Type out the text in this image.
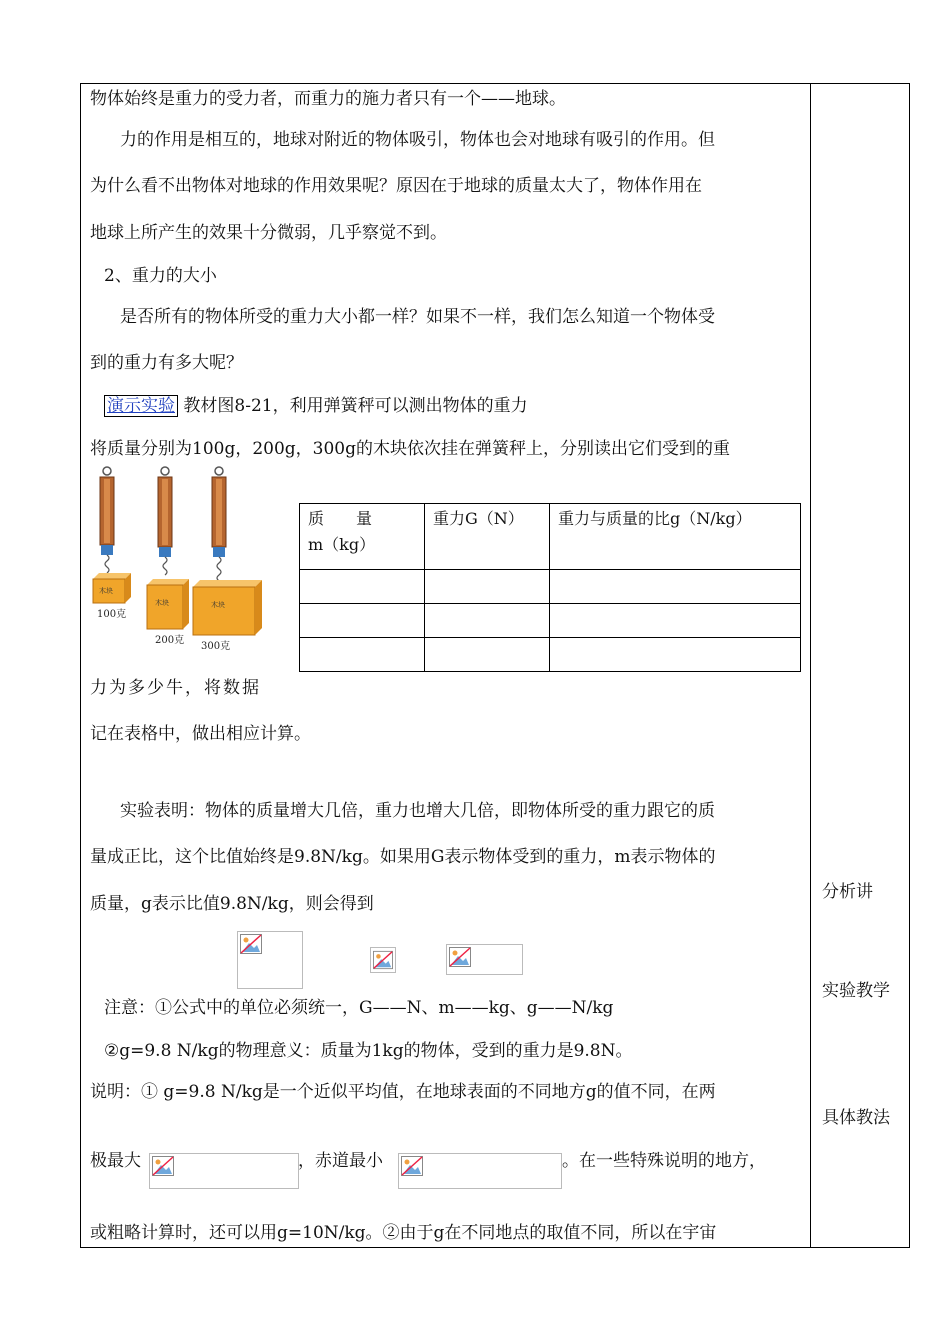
物体始终是重力的受力者，而重力的施力者只有一个——地球。
力的作用是相互的，地球对附近的物体吸引，物体也会对地球有吸引的作用。但
为什么看不出物体对地球的作用效果呢？原因在于地球的质量太大了，物体作用在
地球上所产生的效果十分微弱，几乎察觉不到。
2、重力的大小
是否所有的物体所受的重力大小都一样？如果不一样，我们怎么知道一个物体受
到的重力有多大呢？
演示实验 教材图8-21，利用弹簧秤可以测出物体的重力
将质量分别为100g，200g，300g的木块依次挂在弹簧秤上，分别读出它们受到的重
木块
100克
木块
200克
木块
300克
质　　量
m（kg）	重力G（N）	重力与质量的比g（N/kg）

力为多少牛，将数据
记在表格中，做出相应计算。
实验表明：物体的质量增大几倍，重力也增大几倍，即物体所受的重力跟它的质
量成正比，这个比值始终是9.8N/kg。如果用G表示物体受到的重力，m表示物体的
质量，g表示比值9.8N/kg，则会得到
注意：①公式中的单位必须统一，G——N、m——kg、g——N/kg
②g=9.8 N/kg的物理意义：质量为1kg的物体，受到的重力是9.8N。
说明：① g=9.8 N/kg是一个近似平均值，在地球表面的不同地方g的值不同，在两
极最大	，赤道最小	。在一些特殊说明的地方，
或粗略计算时，还可以用g=10N/kg。②由于g在不同地点的取值不同，所以在宇宙
分析讲
实验教学
具体教法
